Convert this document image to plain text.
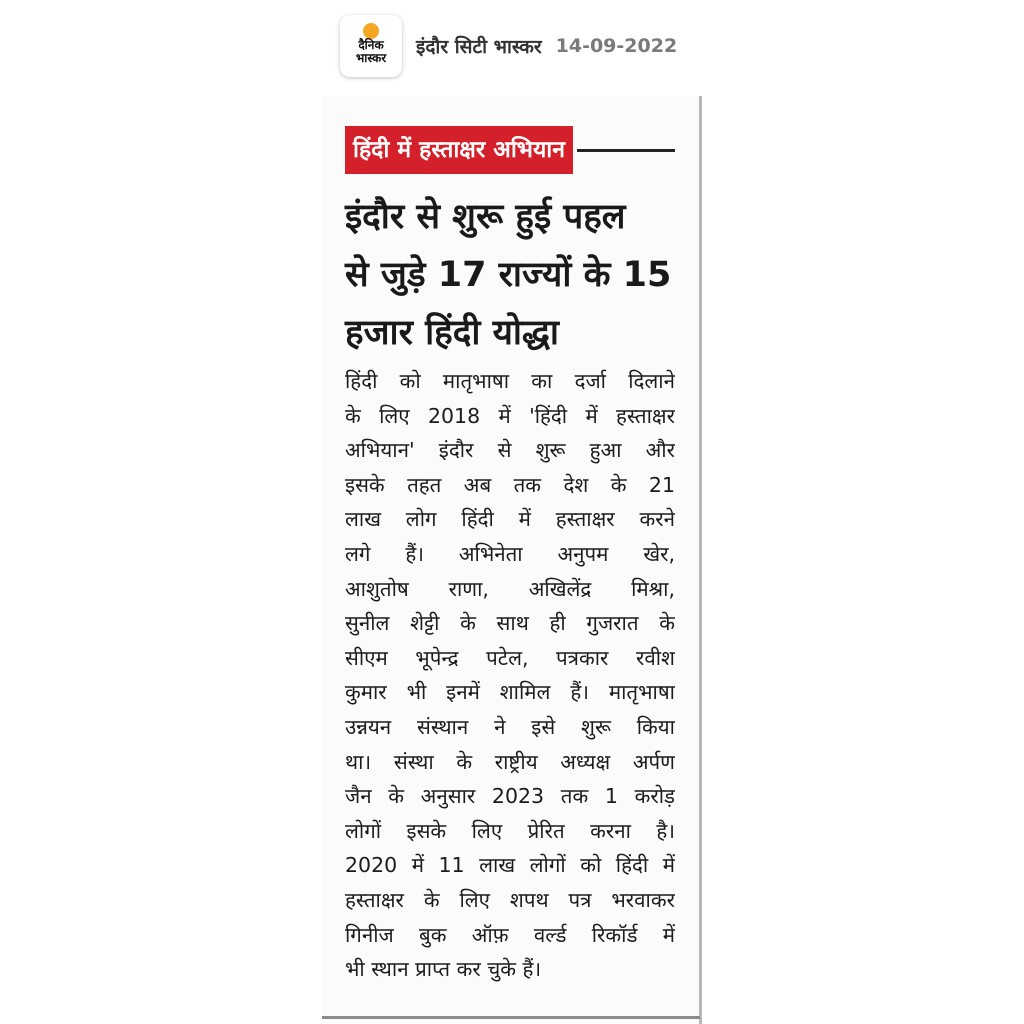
दैनिक
भास्कर	इंदौर सिटी भास्कर 14-09-2022
हिंदी में हस्ताक्षर अभियान
इंदौर से शुरू हुई पहल
से जुड़े 17 राज्यों के 15
हजार हिंदी योद्धा
हिंदी को मातृभाषा का दर्जा दिलाने
के लिए 2018 में 'हिंदी में हस्ताक्षर
अभियान' इंदौर से शुरू हुआ और
इसके तहत अब तक देश के 21
लाख लोग हिंदी में हस्ताक्षर करने
लगे हैं। अभिनेता अनुपम खेर,
आशुतोष राणा, अखिलेंद्र मिश्रा,
सुनील शेट्टी के साथ ही गुजरात के
सीएम भूपेन्द्र पटेल, पत्रकार रवीश
कुमार भी इनमें शामिल हैं। मातृभाषा
उन्नयन संस्थान ने इसे शुरू किया
था। संस्था के राष्ट्रीय अध्यक्ष अर्पण
जैन के अनुसार 2023 तक 1 करोड़
लोगों इसके लिए प्रेरित करना है।
2020 में 11 लाख लोगों को हिंदी में
हस्ताक्षर के लिए शपथ पत्र भरवाकर
गिनीज बुक ऑफ़ वर्ल्ड रिकॉर्ड में
भी स्थान प्राप्त कर चुके हैं।
